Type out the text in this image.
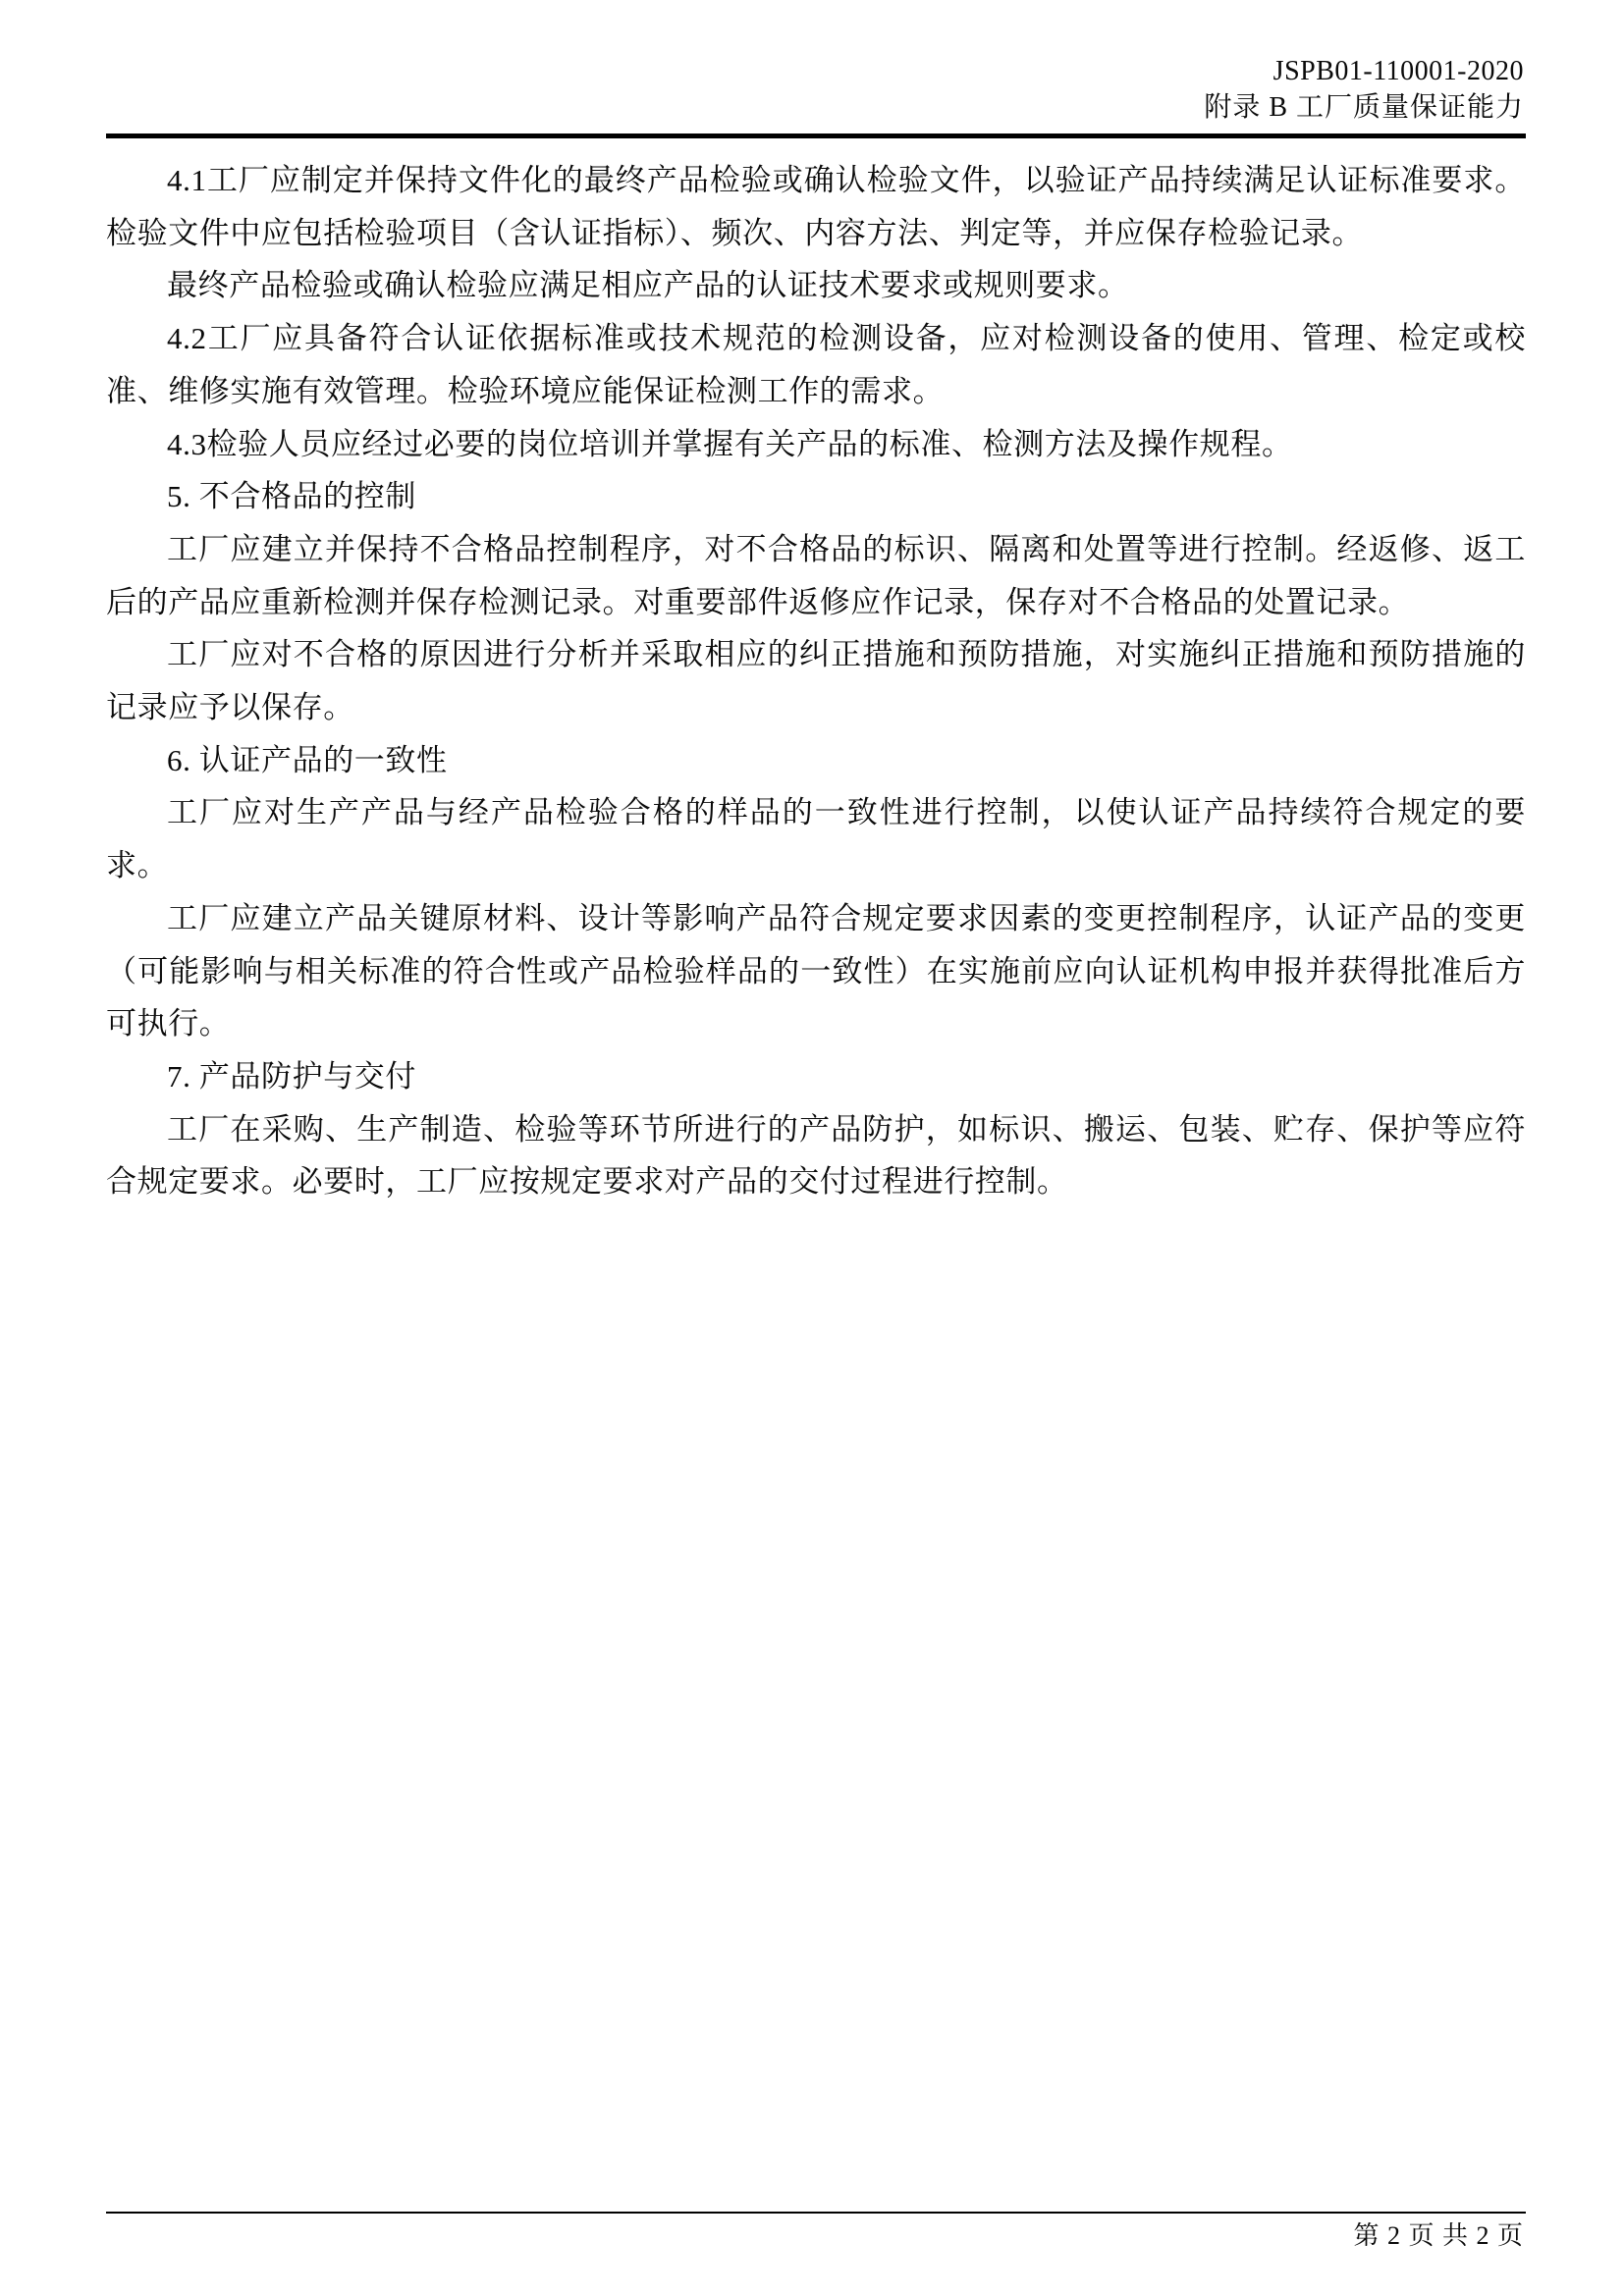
JSPB01-110001-2020
附录 B 工厂质量保证能力

4.1工厂应制定并保持文件化的最终产品检验或确认检验文件，以验证产品持续满足认证标准要求。检验文件中应包括检验项目（含认证指标）、频次、内容方法、判定等，并应保存检验记录。

最终产品检验或确认检验应满足相应产品的认证技术要求或规则要求。

4.2工厂应具备符合认证依据标准或技术规范的检测设备，应对检测设备的使用、管理、检定或校准、维修实施有效管理。检验环境应能保证检测工作的需求。

4.3检验人员应经过必要的岗位培训并掌握有关产品的标准、检测方法及操作规程。

5. 不合格品的控制

工厂应建立并保持不合格品控制程序，对不合格品的标识、隔离和处置等进行控制。经返修、返工后的产品应重新检测并保存检测记录。对重要部件返修应作记录，保存对不合格品的处置记录。

工厂应对不合格的原因进行分析并采取相应的纠正措施和预防措施，对实施纠正措施和预防措施的记录应予以保存。

6. 认证产品的一致性

工厂应对生产产品与经产品检验合格的样品的一致性进行控制，以使认证产品持续符合规定的要求。

工厂应建立产品关键原材料、设计等影响产品符合规定要求因素的变更控制程序，认证产品的变更（可能影响与相关标准的符合性或产品检验样品的一致性）在实施前应向认证机构申报并获得批准后方可执行。

7. 产品防护与交付

工厂在采购、生产制造、检验等环节所进行的产品防护，如标识、搬运、包装、贮存、保护等应符合规定要求。必要时，工厂应按规定要求对产品的交付过程进行控制。

第 2 页 共 2 页
